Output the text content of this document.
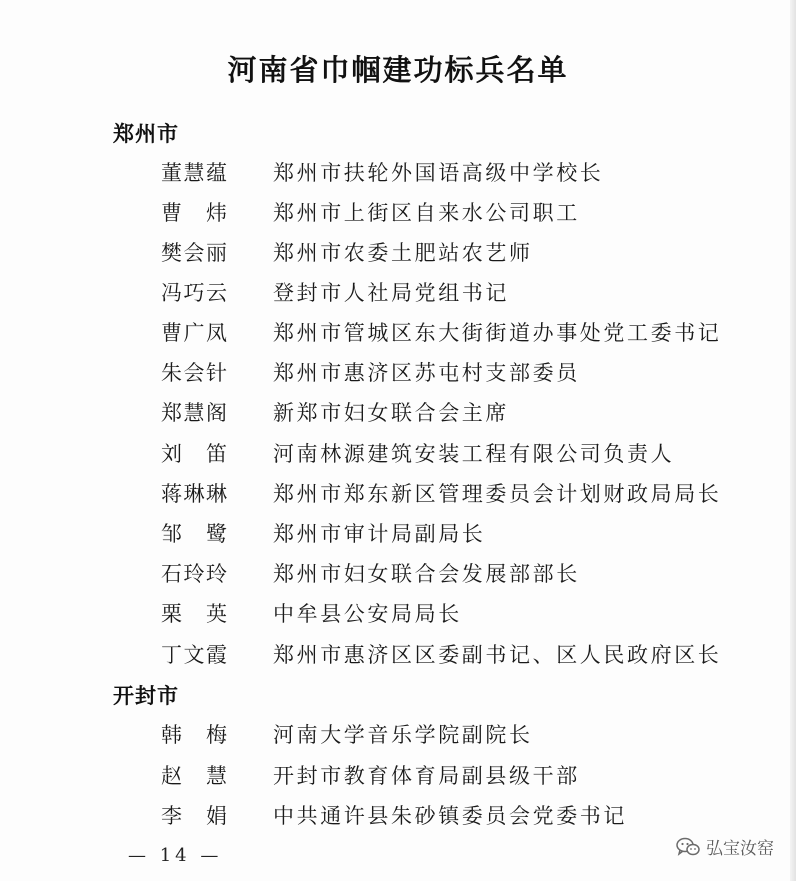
河南省巾帼建功标兵名单
郑州市
董慧蕴 郑州市扶轮外国语高级中学校长
曹 炜 郑州市上街区自来水公司职工
樊会丽 郑州市农委土肥站农艺师
冯巧云 登封市人社局党组书记
曹广凤 郑州市管城区东大街街道办事处党工委书记
朱会针 郑州市惠济区苏屯村支部委员
郑慧阁 新郑市妇女联合会主席
刘 笛 河南林源建筑安装工程有限公司负责人
蒋琳琳 郑州市郑东新区管理委员会计划财政局局长
邹 鹭 郑州市审计局副局长
石玲玲 郑州市妇女联合会发展部部长
栗 英 中牟县公安局局长
丁文霞 郑州市惠济区区委副书记、区人民政府区长
开封市
韩 梅 河南大学音乐学院副院长
赵 慧 开封市教育体育局副县级干部
李 娟 中共通许县朱砂镇委员会党委书记
— 14 —	弘宝汝窑
